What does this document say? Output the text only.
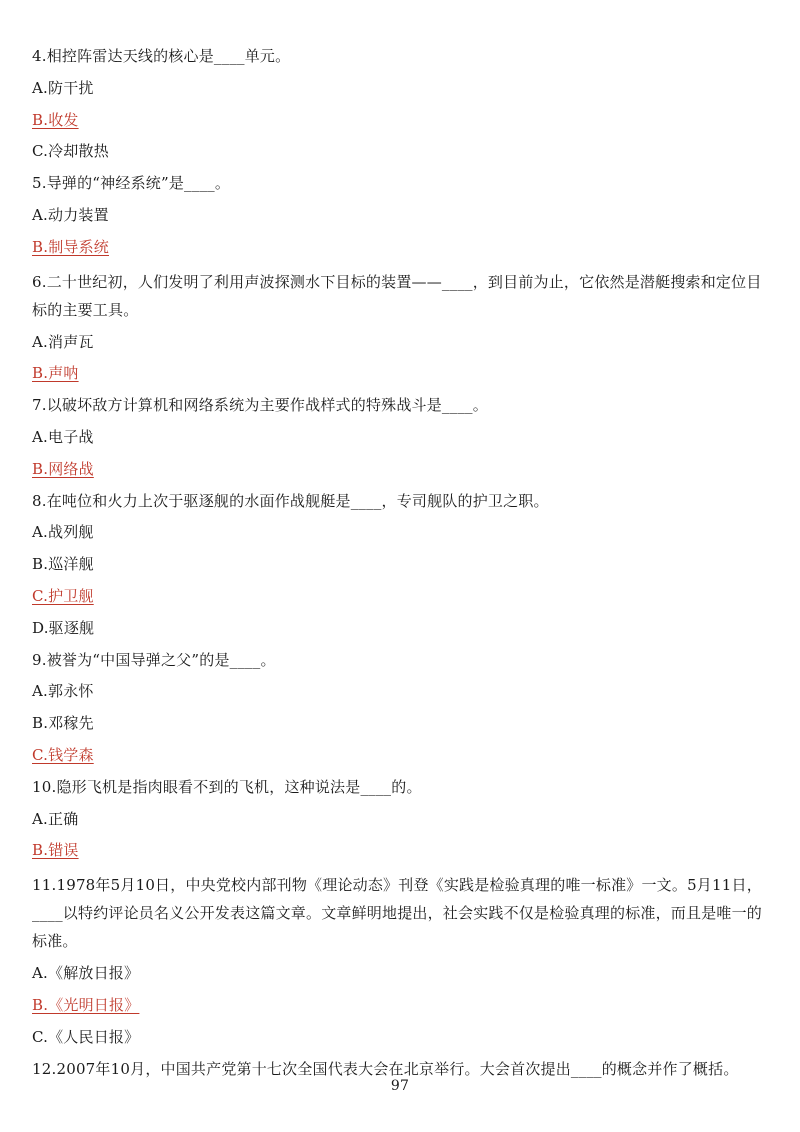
4.相控阵雷达天线的核心是____单元。
A.防干扰
B.收发
C.冷却散热
5.导弹的“神经系统”是____。
A.动力装置
B.制导系统
6.二十世纪初，人们发明了利用声波探测水下目标的装置——____，到目前为止，它依然是潜艇搜索和定位目标的主要工具。
A.消声瓦
B.声呐
7.以破坏敌方计算机和网络系统为主要作战样式的特殊战斗是____。
A.电子战
B.网络战
8.在吨位和火力上次于驱逐舰的水面作战舰艇是____，专司舰队的护卫之职。
A.战列舰
B.巡洋舰
C.护卫舰
D.驱逐舰
9.被誉为“中国导弹之父”的是____。
A.郭永怀
B.邓稼先
C.钱学森
10.隐形飞机是指肉眼看不到的飞机，这种说法是____的。
A.正确
B.错误
11.1978年5月10日，中央党校内部刊物《理论动态》刊登《实践是检验真理的唯一标准》一文。5月11日，____以特约评论员名义公开发表这篇文章。文章鲜明地提出，社会实践不仅是检验真理的标准，而且是唯一的标准。
A.《解放日报》
B.《光明日报》
C.《人民日报》
12.2007年10月，中国共产党第十七次全国代表大会在北京举行。大会首次提出____的概念并作了概括。
97
